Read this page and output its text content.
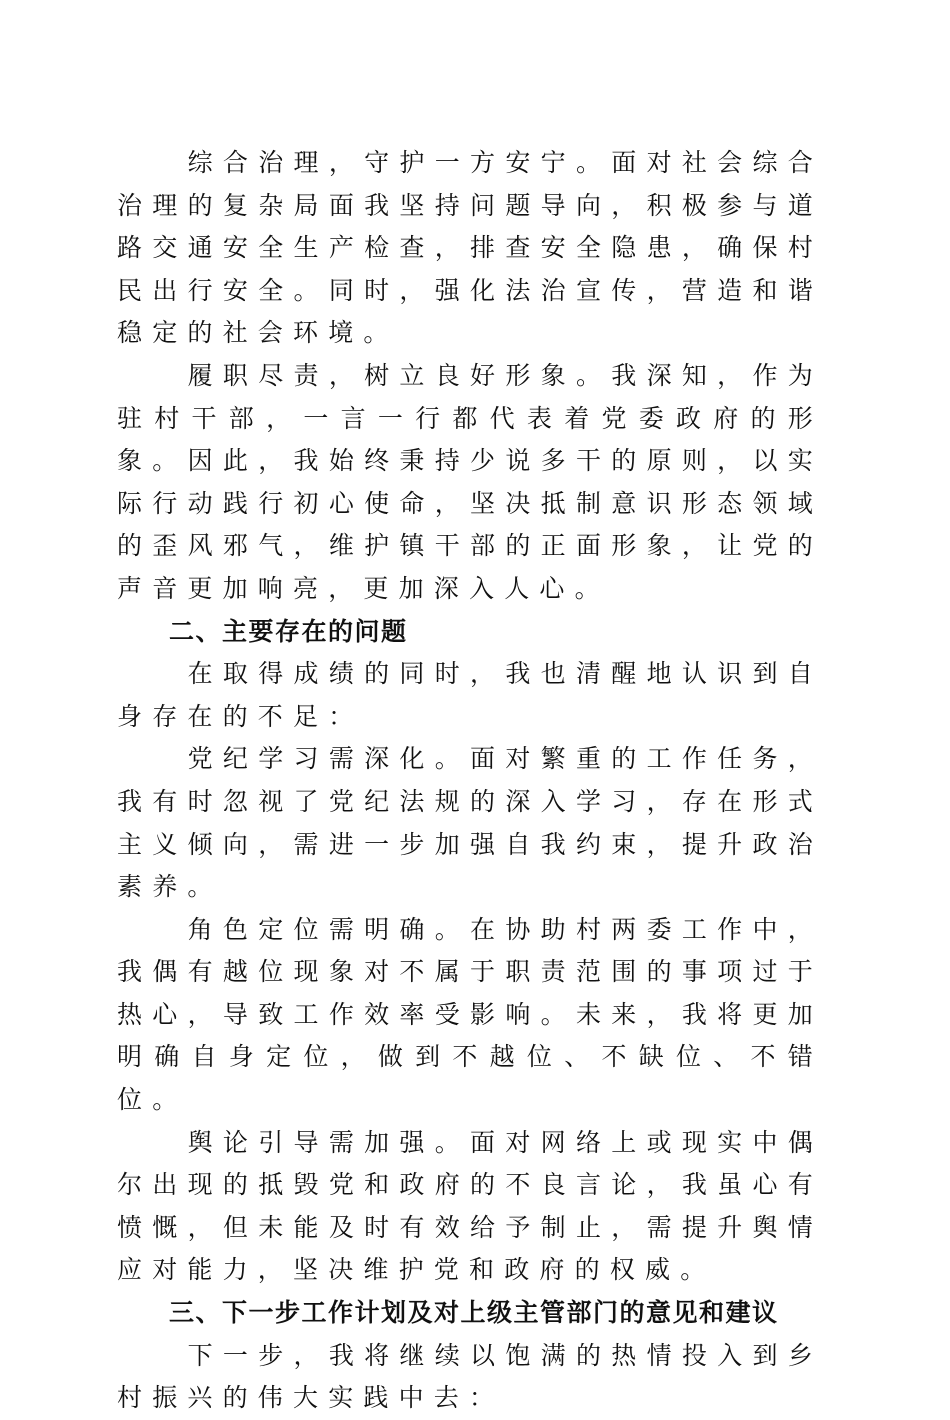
综合治理，守护一方安宁。面对社会综合治理的复杂局面我坚持问题导向，积极参与道路交通安全生产检查，排查安全隐患，确保村民出行安全。同时，强化法治宣传，营造和谐稳定的社会环境。

履职尽责，树立良好形象。我深知，作为驻村干部，一言一行都代表着党委政府的形象。因此，我始终秉持少说多干的原则，以实际行动践行初心使命，坚决抵制意识形态领域的歪风邪气，维护镇干部的正面形象，让党的声音更加响亮，更加深入人心。

二、主要存在的问题

在取得成绩的同时，我也清醒地认识到自身存在的不足：

党纪学习需深化。面对繁重的工作任务，我有时忽视了党纪法规的深入学习，存在形式主义倾向，需进一步加强自我约束，提升政治素养。

角色定位需明确。在协助村两委工作中，我偶有越位现象对不属于职责范围的事项过于热心，导致工作效率受影响。未来，我将更加明确自身定位，做到不越位、不缺位、不错位。

舆论引导需加强。面对网络上或现实中偶尔出现的抵毁党和政府的不良言论，我虽心有愤慨，但未能及时有效给予制止，需提升舆情应对能力，坚决维护党和政府的权威。

三、下一步工作计划及对上级主管部门的意见和建议

下一步，我将继续以饱满的热情投入到乡村振兴的伟大实践中去：
